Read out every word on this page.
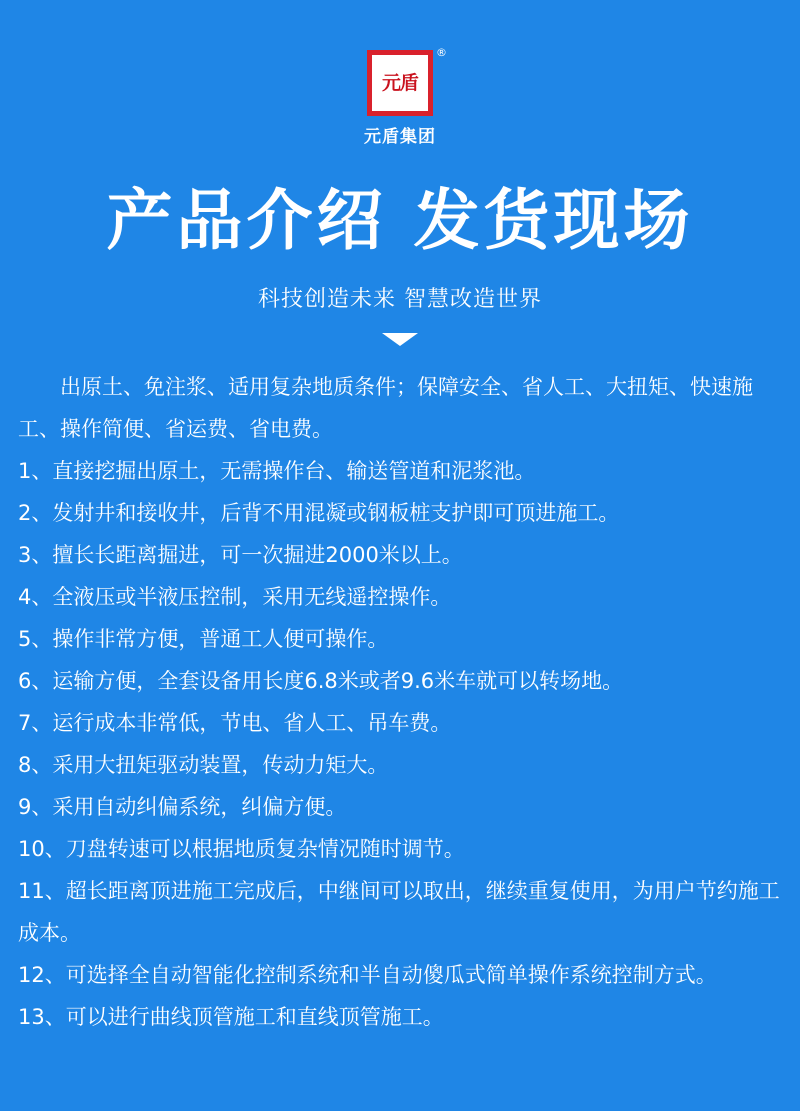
元盾
®
元盾集团
产品介绍 发货现场
科技创造未来 智慧改造世界

出原土、免注浆、适用复杂地质条件；保障安全、省人工、大扭矩、快速施工、操作简便、省运费、省电费。

1、直接挖掘出原土，无需操作台、输送管道和泥浆池。

2、发射井和接收井，后背不用混凝或钢板桩支护即可顶进施工。

3、擅长长距离掘进，可一次掘进2000米以上。

4、全液压或半液压控制，采用无线遥控操作。

5、操作非常方便，普通工人便可操作。

6、运输方便，全套设备用长度6.8米或者9.6米车就可以转场地。

7、运行成本非常低，节电、省人工、吊车费。

8、采用大扭矩驱动装置，传动力矩大。

9、采用自动纠偏系统，纠偏方便。

10、刀盘转速可以根据地质复杂情况随时调节。

11、超长距离顶进施工完成后，中继间可以取出，继续重复使用，为用户节约施工成本。

12、可选择全自动智能化控制系统和半自动傻瓜式简单操作系统控制方式。

13、可以进行曲线顶管施工和直线顶管施工。
